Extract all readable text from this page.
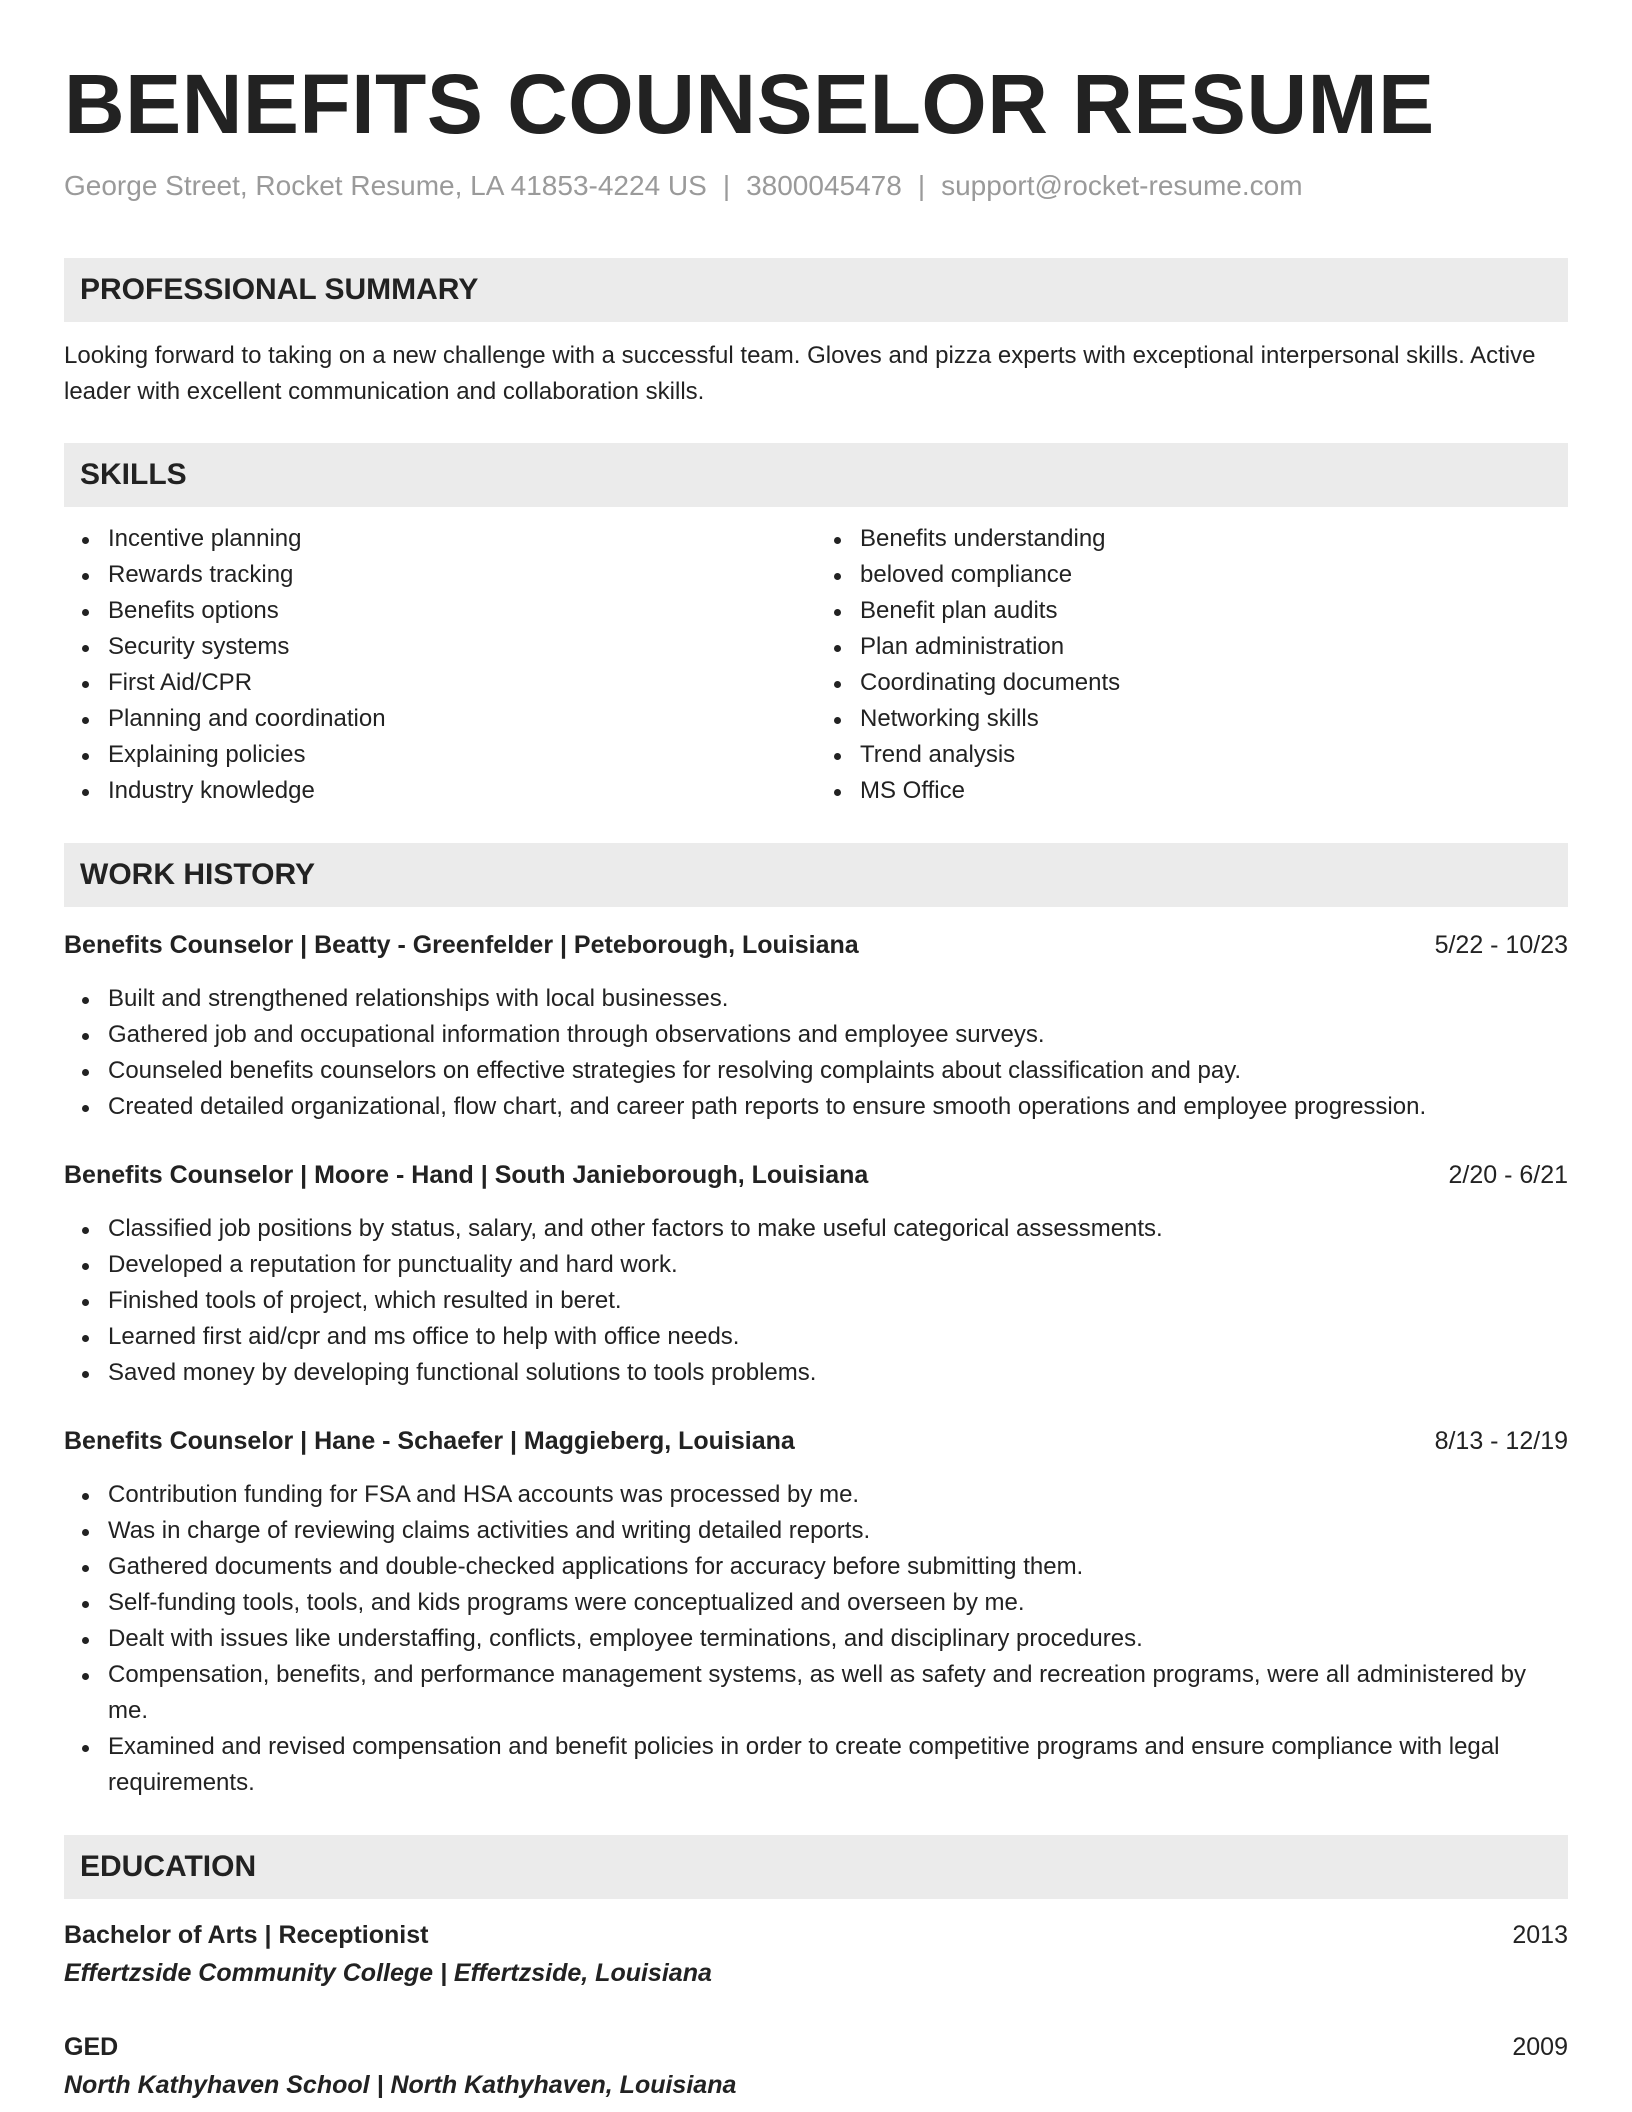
BENEFITS COUNSELOR RESUME
George Street, Rocket Resume, LA 41853-4224 US | 3800045478 | support@rocket-resume.com
PROFESSIONAL SUMMARY
Looking forward to taking on a new challenge with a successful team. Gloves and pizza experts with exceptional interpersonal skills. Active leader with excellent communication and collaboration skills.
SKILLS
Incentive planning
Rewards tracking
Benefits options
Security systems
First Aid/CPR
Planning and coordination
Explaining policies
Industry knowledge
Benefits understanding
beloved compliance
Benefit plan audits
Plan administration
Coordinating documents
Networking skills
Trend analysis
MS Office
WORK HISTORY
Benefits Counselor | Beatty - Greenfelder | Peteborough, Louisiana	5/22 - 10/23
Built and strengthened relationships with local businesses.
Gathered job and occupational information through observations and employee surveys.
Counseled benefits counselors on effective strategies for resolving complaints about classification and pay.
Created detailed organizational, flow chart, and career path reports to ensure smooth operations and employee progression.
Benefits Counselor | Moore - Hand | South Janieborough, Louisiana	2/20 - 6/21
Classified job positions by status, salary, and other factors to make useful categorical assessments.
Developed a reputation for punctuality and hard work.
Finished tools of project, which resulted in beret.
Learned first aid/cpr and ms office to help with office needs.
Saved money by developing functional solutions to tools problems.
Benefits Counselor | Hane - Schaefer | Maggieberg, Louisiana	8/13 - 12/19
Contribution funding for FSA and HSA accounts was processed by me.
Was in charge of reviewing claims activities and writing detailed reports.
Gathered documents and double-checked applications for accuracy before submitting them.
Self-funding tools, tools, and kids programs were conceptualized and overseen by me.
Dealt with issues like understaffing, conflicts, employee terminations, and disciplinary procedures.
Compensation, benefits, and performance management systems, as well as safety and recreation programs, were all administered by me.
Examined and revised compensation and benefit policies in order to create competitive programs and ensure compliance with legal requirements.
EDUCATION
Bachelor of Arts | Receptionist	2013
Effertzside Community College | Effertzside, Louisiana
GED	2009
North Kathyhaven School | North Kathyhaven, Louisiana
